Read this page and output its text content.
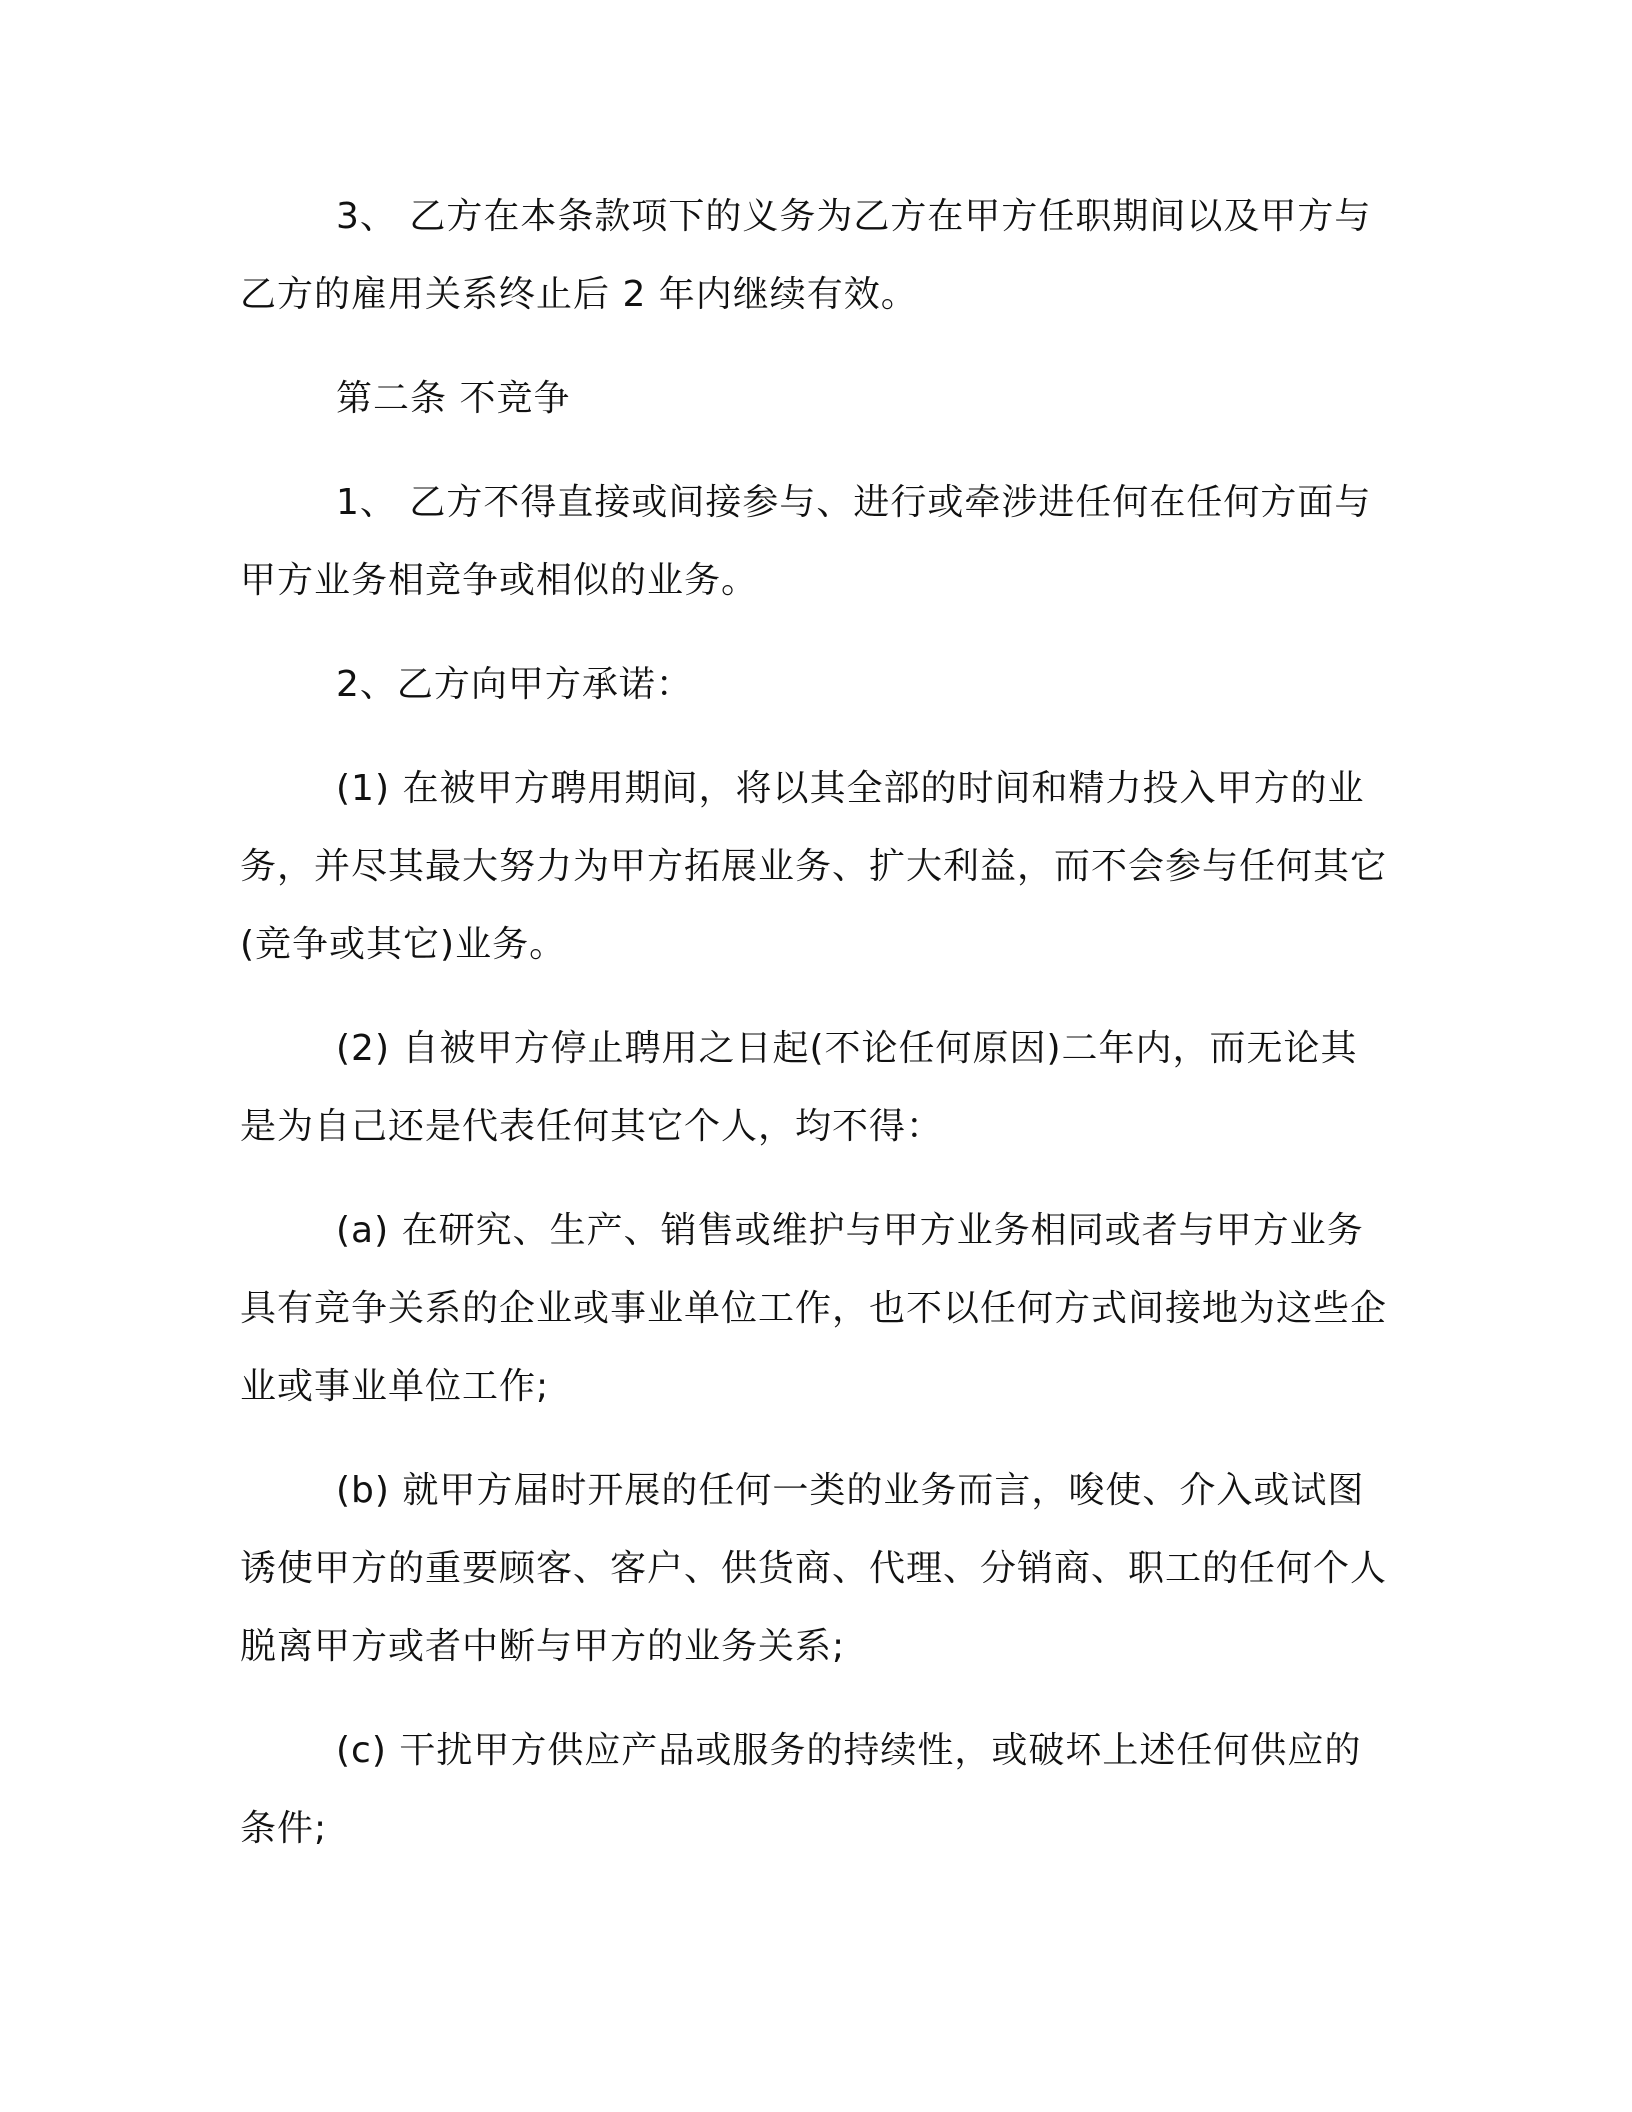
3、 乙方在本条款项下的义务为乙方在甲方任职期间以及甲方与乙方的雇用关系终止后 2 年内继续有效。

第二条 不竞争

1、 乙方不得直接或间接参与、进行或牵涉进任何在任何方面与甲方业务相竞争或相似的业务。

2、乙方向甲方承诺：

(1) 在被甲方聘用期间，将以其全部的时间和精力投入甲方的业务，并尽其最大努力为甲方拓展业务、扩大利益，而不会参与任何其它(竞争或其它)业务。

(2) 自被甲方停止聘用之日起(不论任何原因)二年内，而无论其是为自己还是代表任何其它个人，均不得：

(a) 在研究、生产、销售或维护与甲方业务相同或者与甲方业务具有竞争关系的企业或事业单位工作，也不以任何方式间接地为这些企业或事业单位工作;

(b) 就甲方届时开展的任何一类的业务而言，唆使、介入或试图诱使甲方的重要顾客、客户、供货商、代理、分销商、职工的任何个人脱离甲方或者中断与甲方的业务关系;

(c) 干扰甲方供应产品或服务的持续性，或破坏上述任何供应的条件;
